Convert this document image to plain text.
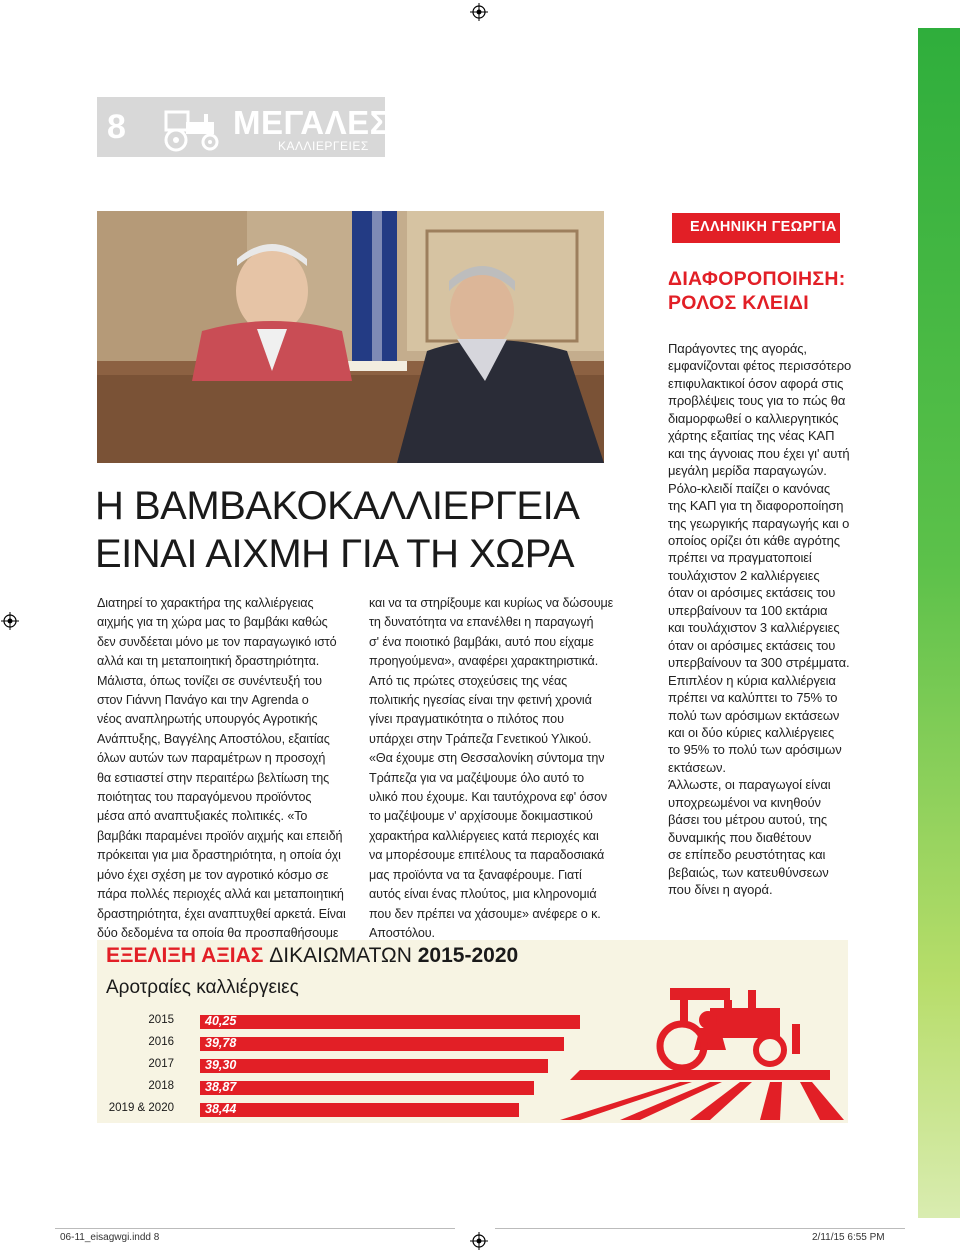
8	ΜΕΓΑΛΕΣ
ΚΑΛΛΙΕΡΓΕΙΕΣ
Η ΒΑΜΒΑΚΟΚΑΛΛΙΕΡΓΕΙΑ
ΕΙΝΑΙ ΑΙΧΜΗ ΓΙΑ ΤΗ ΧΩΡΑ
Διατηρεί το χαρακτήρα της καλλιέργειας
αιχμής για τη χώρα μας το βαμβάκι καθώς
δεν συνδέεται μόνο με τον παραγωγικό ιστό
αλλά και τη μεταποιητική δραστηριότητα.
Μάλιστα, όπως τονίζει σε συνέντευξή του
στον Γιάννη Πανάγο και την Agrenda ο
νέος αναπληρωτής υπουργός Αγροτικής
Ανάπτυξης, Βαγγέλης Αποστόλου, εξαιτίας
όλων αυτών των παραμέτρων η προσοχή
θα εστιαστεί στην περαιτέρω βελτίωση της
ποιότητας του παραγόμενου προϊόντος
μέσα από αναπτυξιακές πολιτικές. «Το
βαμβάκι παραμένει προϊόν αιχμής και επειδή
πρόκειται για μια δραστηριότητα, η οποία όχι
μόνο έχει σχέση με τον αγροτικό κόσμο σε
πάρα πολλές περιοχές αλλά και μεταποιητική
δραστηριότητα, έχει αναπτυχθεί αρκετά. Είναι
δύο δεδομένα τα οποία θα προσπαθήσουμε
και να τα στηρίξουμε και κυρίως να δώσουμε
τη δυνατότητα να επανέλθει η παραγωγή
σ' ένα ποιοτικό βαμβάκι, αυτό που είχαμε
προηγούμενα», αναφέρει χαρακτηριστικά.
Από τις πρώτες στοχεύσεις της νέας
πολιτικής ηγεσίας είναι την φετινή χρονιά
γίνει πραγματικότητα ο πιλότος που
υπάρχει στην Τράπεζα Γενετικού Υλικού.
«Θα έχουμε στη Θεσσαλονίκη σύντομα την
Τράπεζα για να μαζέψουμε όλο αυτό το
υλικό που έχουμε. Και ταυτόχρονα εφ' όσον
το μαζέψουμε ν' αρχίσουμε δοκιμαστικού
χαρακτήρα καλλιέργειες κατά περιοχές και
να μπορέσουμε επιτέλους τα παραδοσιακά
μας προϊόντα να τα ξαναφέρουμε. Γιατί
αυτός είναι ένας πλούτος, μια κληρονομιά
που δεν πρέπει να χάσουμε» ανέφερε ο κ.
Αποστόλου.
ΕΛΛΗΝΙΚΗ ΓΕΩΡΓΙΑ
ΔΙΑΦΟΡΟΠΟΙΗΣΗ:
ΡΟΛΟΣ ΚΛΕΙΔΙ
Παράγοντες της αγοράς,
εμφανίζονται φέτος περισσότερο
επιφυλακτικοί όσον αφορά στις
προβλέψεις τους για το πώς θα
διαμορφωθεί ο καλλιεργητικός
χάρτης εξαιτίας της νέας ΚΑΠ
και της άγνοιας που έχει γι' αυτή
μεγάλη μερίδα παραγωγών.
Ρόλο-κλειδί παίζει ο κανόνας
της ΚΑΠ για τη διαφοροποίηση
της γεωργικής παραγωγής και ο
οποίος ορίζει ότι κάθε αγρότης
πρέπει να πραγματοποιεί
τουλάχιστον 2 καλλιέργειες
όταν οι αρόσιμες εκτάσεις του
υπερβαίνουν τα 100 εκτάρια
και τουλάχιστον 3 καλλιέργειες
όταν οι αρόσιμες εκτάσεις του
υπερβαίνουν τα 300 στρέμματα.
Επιπλέον η κύρια καλλιέργεια
πρέπει να καλύπτει το 75% το
πολύ των αρόσιμων εκτάσεων
και οι δύο κύριες καλλιέργειες
το 95% το πολύ των αρόσιμων
εκτάσεων.
Άλλωστε, οι παραγωγοί είναι
υποχρεωμένοι να κινηθούν
βάσει του μέτρου αυτού, της
δυναμικής που διαθέτουν
σε επίπεδο ρευστότητας και
βεβαιώς, των κατευθύνσεων
που δίνει η αγορά.
ΕΞΕΛΙΞΗ ΑΞΙΑΣ ΔΙΚΑΙΩΜΑΤΩΝ 2015-2020
Αροτραίες καλλιέργειες
2015 40,25
2016 39,78
2017 39,30
2018 38,87
2019 & 2020 38,44
06-11_eisagwgi.indd 8	2/11/15 6:55 PM
